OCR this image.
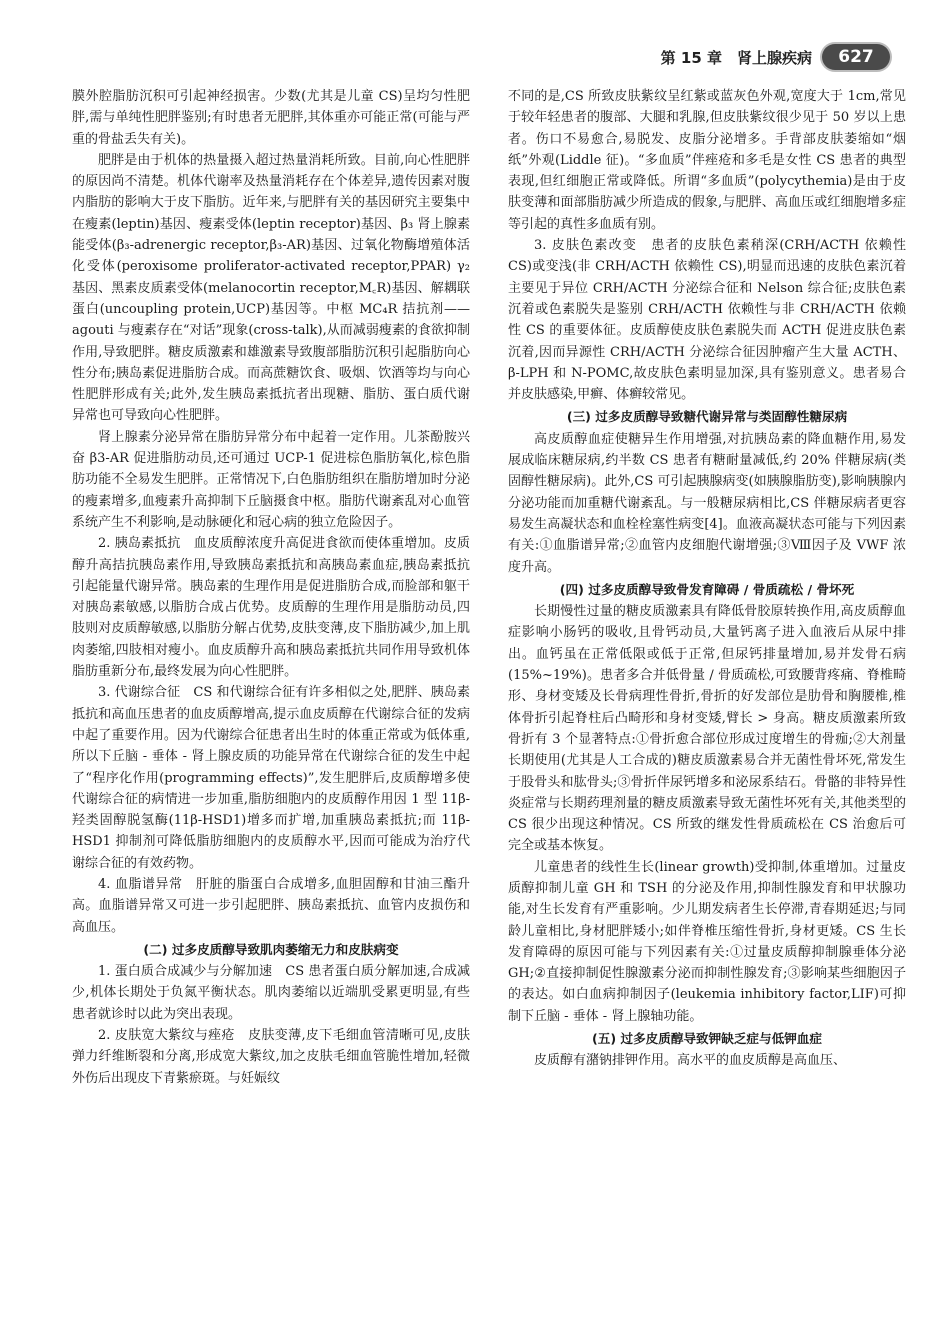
第 15 章　肾上腺疾病	627

膜外腔脂肪沉积可引起神经损害。少数(尤其是儿童 CS)呈均匀性肥胖,需与单纯性肥胖鉴别;有时患者无肥胖,其体重亦可能正常(可能与严重的骨盐丢失有关)。

肥胖是由于机体的热量摄入超过热量消耗所致。目前,向心性肥胖的原因尚不清楚。机体代谢率及热量消耗存在个体差异,遗传因素对腹内脂肪的影响大于皮下脂肪。近年来,与肥胖有关的基因研究主要集中在瘦素(leptin)基因、瘦素受体(leptin receptor)基因、β₃ 肾上腺素能受体(β₃-adrenergic receptor,β₃-AR)基因、过氧化物酶增殖体活化受体(peroxisome proliferator-activated receptor,PPAR) γ₂ 基因、黑素皮质素受体(melanocortin receptor,M꜀R)基因、解耦联蛋白(uncoupling protein,UCP)基因等。中枢 MC₄R 拮抗剂——agouti 与瘦素存在“对话”现象(cross-talk),从而减弱瘦素的食欲抑制作用,导致肥胖。糖皮质激素和雄激素导致腹部脂肪沉积引起脂肪向心性分布;胰岛素促进脂肪合成。而高蔗糖饮食、吸烟、饮酒等均与向心性肥胖形成有关;此外,发生胰岛素抵抗者出现糖、脂肪、蛋白质代谢异常也可导致向心性肥胖。

肾上腺素分泌异常在脂肪异常分布中起着一定作用。儿茶酚胺兴奋 β3-AR 促进脂肪动员,还可通过 UCP-1 促进棕色脂肪氧化,棕色脂肪功能不全易发生肥胖。正常情况下,白色脂肪组织在脂肪增加时分泌的瘦素增多,血瘦素升高抑制下丘脑摄食中枢。脂肪代谢紊乱对心血管系统产生不利影响,是动脉硬化和冠心病的独立危险因子。

2. 胰岛素抵抗　血皮质醇浓度升高促进食欲而使体重增加。皮质醇升高拮抗胰岛素作用,导致胰岛素抵抗和高胰岛素血症,胰岛素抵抗引起能量代谢异常。胰岛素的生理作用是促进脂肪合成,而脸部和躯干对胰岛素敏感,以脂肪合成占优势。皮质醇的生理作用是脂肪动员,四肢则对皮质醇敏感,以脂肪分解占优势,皮肤变薄,皮下脂肪减少,加上肌肉萎缩,四肢相对瘦小。血皮质醇升高和胰岛素抵抗共同作用导致机体脂肪重新分布,最终发展为向心性肥胖。

3. 代谢综合征　CS 和代谢综合征有许多相似之处,肥胖、胰岛素抵抗和高血压患者的血皮质醇增高,提示血皮质醇在代谢综合征的发病中起了重要作用。因为代谢综合征患者出生时的体重正常或为低体重,所以下丘脑 - 垂体 - 肾上腺皮质的功能异常在代谢综合征的发生中起了“程序化作用(programming effects)”,发生肥胖后,皮质醇增多使代谢综合征的病情进一步加重,脂肪细胞内的皮质醇作用因 1 型 11β- 羟类固醇脱氢酶(11β-HSD1)增多而扩增,加重胰岛素抵抗;而 11β-HSD1 抑制剂可降低脂肪细胞内的皮质醇水平,因而可能成为治疗代谢综合征的有效药物。

4. 血脂谱异常　肝脏的脂蛋白合成增多,血胆固醇和甘油三酯升高。血脂谱异常又可进一步引起肥胖、胰岛素抵抗、血管内皮损伤和高血压。

(二) 过多皮质醇导致肌肉萎缩无力和皮肤病变

1. 蛋白质合成减少与分解加速　CS 患者蛋白质分解加速,合成减少,机体长期处于负氮平衡状态。肌肉萎缩以近端肌受累更明显,有些患者就诊时以此为突出表现。

2. 皮肤宽大紫纹与痤疮　皮肤变薄,皮下毛细血管清晰可见,皮肤弹力纤维断裂和分离,形成宽大紫纹,加之皮肤毛细血管脆性增加,轻微外伤后出现皮下青紫瘀斑。与妊娠纹

不同的是,CS 所致皮肤紫纹呈红紫或蓝灰色外观,宽度大于 1cm,常见于较年轻患者的腹部、大腿和乳腺,但皮肤紫纹很少见于 50 岁以上患者。伤口不易愈合,易脱发、皮脂分泌增多。手背部皮肤萎缩如“烟纸”外观(Liddle 征)。“多血质”伴痤疮和多毛是女性 CS 患者的典型表现,但红细胞正常或降低。所谓“多血质”(polycythemia)是由于皮肤变薄和面部脂肪减少所造成的假象,与肥胖、高血压或红细胞增多症等引起的真性多血质有别。

3. 皮肤色素改变　患者的皮肤色素稍深(CRH/ACTH 依赖性 CS)或变浅(非 CRH/ACTH 依赖性 CS),明显而迅速的皮肤色素沉着主要见于异位 CRH/ACTH 分泌综合征和 Nelson 综合征;皮肤色素沉着或色素脱失是鉴别 CRH/ACTH 依赖性与非 CRH/ACTH 依赖性 CS 的重要体征。皮质醇使皮肤色素脱失而 ACTH 促进皮肤色素沉着,因而异源性 CRH/ACTH 分泌综合征因肿瘤产生大量 ACTH、β-LPH 和 N-POMC,故皮肤色素明显加深,具有鉴别意义。患者易合并皮肤感染,甲癣、体癣较常见。

(三) 过多皮质醇导致糖代谢异常与类固醇性糖尿病

高皮质醇血症使糖异生作用增强,对抗胰岛素的降血糖作用,易发展成临床糖尿病,约半数 CS 患者有糖耐量减低,约 20% 伴糖尿病(类固醇性糖尿病)。此外,CS 可引起胰腺病变(如胰腺脂肪变),影响胰腺内分泌功能而加重糖代谢紊乱。与一般糖尿病相比,CS 伴糖尿病者更容易发生高凝状态和血栓栓塞性病变[4]。血液高凝状态可能与下列因素有关:①血脂谱异常;②血管内皮细胞代谢增强;③Ⅷ因子及 VWF 浓度升高。

(四) 过多皮质醇导致骨发育障碍 / 骨质疏松 / 骨坏死

长期慢性过量的糖皮质激素具有降低骨胶原转换作用,高皮质醇血症影响小肠钙的吸收,且骨钙动员,大量钙离子进入血液后从尿中排出。血钙虽在正常低限或低于正常,但尿钙排量增加,易并发骨石病(15%~19%)。患者多合并低骨量 / 骨质疏松,可致腰背疼痛、脊椎畸形、身材变矮及长骨病理性骨折,骨折的好发部位是肋骨和胸腰椎,椎体骨折引起脊柱后凸畸形和身材变矮,臂长 > 身高。糖皮质激素所致骨折有 3 个显著特点:①骨折愈合部位形成过度增生的骨痂;②大剂量长期使用(尤其是人工合成的)糖皮质激素易合并无菌性骨坏死,常发生于股骨头和肱骨头;③骨折伴尿钙增多和泌尿系结石。骨骼的非特异性炎症常与长期药理剂量的糖皮质激素导致无菌性坏死有关,其他类型的 CS 很少出现这种情况。CS 所致的继发性骨质疏松在 CS 治愈后可完全或基本恢复。

儿童患者的线性生长(linear growth)受抑制,体重增加。过量皮质醇抑制儿童 GH 和 TSH 的分泌及作用,抑制性腺发育和甲状腺功能,对生长发育有严重影响。少儿期发病者生长停滞,青春期延迟;与同龄儿童相比,身材肥胖矮小;如伴脊椎压缩性骨折,身材更矮。CS 生长发育障碍的原因可能与下列因素有关:①过量皮质醇抑制腺垂体分泌 GH;②直接抑制促性腺激素分泌而抑制性腺发育;③影响某些细胞因子的表达。如白血病抑制因子(leukemia inhibitory factor,LIF)可抑制下丘脑 - 垂体 - 肾上腺轴功能。

(五) 过多皮质醇导致钾缺乏症与低钾血症

皮质醇有潴钠排钾作用。高水平的血皮质醇是高血压、
